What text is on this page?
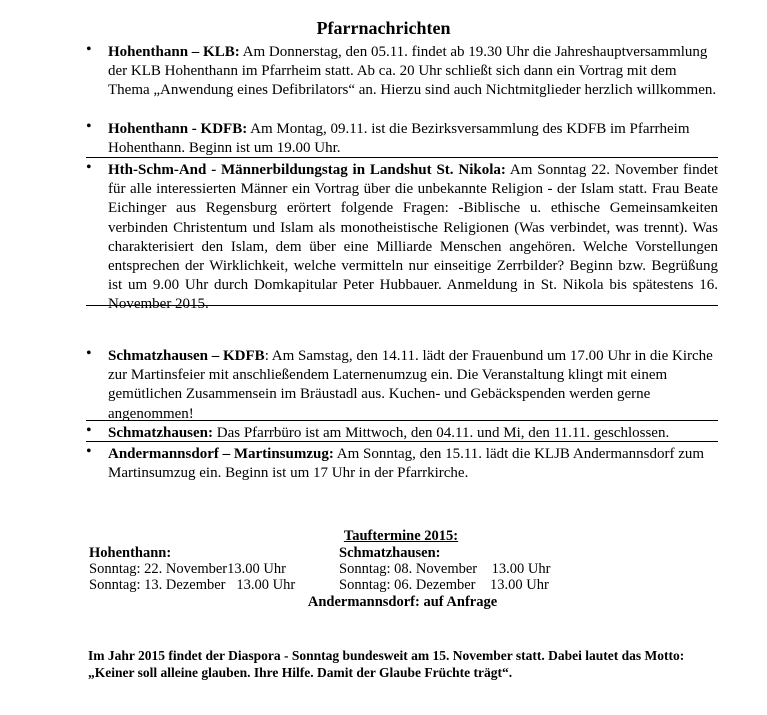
Pfarrnachrichten
• Hohenthann – KLB: Am Donnerstag, den 05.11. findet ab 19.30 Uhr die Jahreshauptversammlung der KLB Hohenthann im Pfarrheim statt. Ab ca. 20 Uhr schließt sich dann ein Vortrag mit dem Thema „Anwendung eines Defibrilators“ an. Hierzu sind auch Nichtmitglieder herzlich willkommen.

• Hohenthann - KDFB: Am Montag, 09.11. ist die Bezirksversammlung des KDFB im Pfarrheim Hohenthann. Beginn ist um 19.00 Uhr.

• Hth-Schm-And - Männerbildungstag in Landshut St. Nikola: Am Sonntag 22. November findet für alle interessierten Männer ein Vortrag über die unbekannte Religion - der Islam statt. Frau Beate Eichinger aus Regensburg erörtert folgende Fragen: -Biblische u. ethische Gemeinsamkeiten verbinden Christentum und Islam als monotheistische Religionen (Was verbindet, was trennt). Was charakterisiert den Islam, dem über eine Milliarde Menschen angehören. Welche Vorstellungen entsprechen der Wirklichkeit, welche vermitteln nur einseitige Zerrbilder? Beginn bzw. Begrüßung ist um 9.00 Uhr durch Domkapitular Peter Hubbauer. Anmeldung in St. Nikola bis spätestens 16. November 2015.

• Schmatzhausen – KDFB: Am Samstag, den 14.11. lädt der Frauenbund um 17.00 Uhr in die Kirche zur Martinsfeier mit anschließendem Laternenumzug ein. Die Veranstaltung klingt mit einem gemütlichen Zusammensein im Bräustadl aus. Kuchen- und Gebäckspenden werden gerne angenommen!

• Schmatzhausen: Das Pfarrbüro ist am Mittwoch, den 04.11. und Mi, den 11.11. geschlossen.

• Andermannsdorf – Martinsumzug: Am Sonntag, den 15.11. lädt die KLJB Andermannsdorf zum Martinsumzug ein. Beginn ist um 17 Uhr in der Pfarrkirche.

Tauftermine 2015:
Hohenthann:
Sonntag: 22. November13.00 Uhr
Sonntag: 13. Dezember   13.00 Uhr
Schmatzhausen:
Sonntag: 08. November    13.00 Uhr
Sonntag: 06. Dezember    13.00 Uhr
Andermannsdorf: auf Anfrage

Im Jahr 2015 findet der Diaspora - Sonntag bundesweit am 15. November statt. Dabei lautet das Motto:

„Keiner soll alleine glauben. Ihre Hilfe. Damit der Glaube Früchte trägt“.
